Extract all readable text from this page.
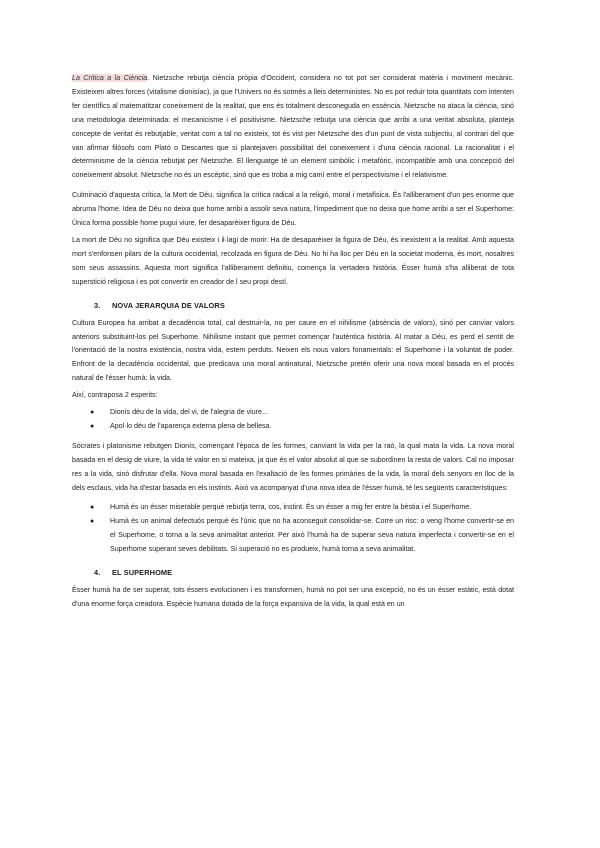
La Crítica a la Ciència. Nietzsche rebutja ciència pròpia d'Occident, considera no tot pot ser considerat matèria i moviment mecànic. Existeixen altres forces (vitalisme dionisíac), ja que l'Univers no és sotmès a lleis deterministes. No es pot reduir tota quantitats com intenten fer científics al matematitzar coneixement de la realitat, que ens és totalment desconeguda en essència. Nietzsche no ataca la ciència, sinó una metodologia determinada: el mecanicisme i el positivisme. Nietzsche rebutja una ciència que arribi a una veritat absoluta, planteja concepte de veritat és rebutjable, veritat com a tal no existeix, tot és vist per Nietzsche des d'un punt de vista subjectiu, al contrari del que van afirmar filòsofs com Plató o Descartes que si plantejaven possibilitat del coneixement i d'una ciència racional. La racionalitat i el determinisme de la ciència rebutjat per Nietzsche. El llenguatge té un element simbòlic i metafòric, incompatible amb una concepció del coneixement absolut. Nietzsche no és un escèptic, sinó que es troba a mig camí entre el perspectivisme i el relativisme.

Culminació d'aquesta crítica, la Mort de Déu, significa la crítica radical a la religió, moral i metafísica. És l'alliberament d'un pes enorme que abruma l'home. Idea de Déu no deixa que home arribi a assolir seva natura, l'impediment que no deixa que home arribi a ser el Superhome: Única forma possible home pugui viure, fer desaparèixer figura de Déu.

La mort de Déu no significa que Déu existeix i il·lagi de morir. Ha de desaparèixer la figura de Déu, és inexistent a la realitat. Amb aquesta mort s'enfonsen pilars de la cultura occidental, recolzada en figura de Déu. No hi ha lloc per Déu en la societat moderna, és mort, nosaltres som seus assassins. Aquesta mort significa l'alliberament definitiu, comença la vertadera història. Ésser humà s'ha alliberat de tota superstició religiosa i es pot convertir en creador de l seu propi destí.

3. NOVA JERARQUIA DE VALORS

Cultura Europea ha arribat a decadència total, cal destruir-la, no per caure en el nihilisme (absència de valors), sinó per canviar valors anteriors substituint-los pel Superhome. Nihilisme instant que permet començar l'autèntica història. Al matar a Déu, es perd el sentit de l'orientació de la nostra existència, nostra vida, estem perduts. Neixen els nous valors fonamentals: el Superhome i la voluntat de poder. Enfront de la decadència occidental, que predicava una moral antinatural, Nietzsche pretén oferir una nova moral basada en el procés natural de l'ésser humà: la vida.

Així, contraposa 2 esperits:

● Dionís déu de la vida, del vi, de l'alegria de viure...
● Apol·lo déu de l'aparença externa plena de bellesa.

Sòcrates i platonisme rebutgen Dionís, començant l'època de les formes, canviant la vida per la raó, la qual mata la vida. La nova moral basada en el desig de viure, la vida té valor en si mateixa, ja que és el valor absolut al que se subordinen la resta de valors. Cal no imposar res a la vida, sinó disfrutar d'ella. Nova moral basada en l'exaltació de les formes primàries de la vida, la moral dels senyors en lloc de la dels esclaus, vida ha d'estar basada en els instints. Això va acompanyat d'una nova idea de l'ésser humà, té les següents característiques:

● Humà és un ésser miserable perquè rebutja terra, cos, instint. És un ésser a mig fer entre la bèstia i el Superhome.
● Humà és un animal defectuós perquè és l'únic que no ha aconseguit consolidar-se. Corre un risc: o veng l'home convertir-se en el Superhome, o torna a la seva animalitat anterior. Per això l'humà ha de superar seva natura imperfecta i convertir-se en el Superhome superant seves debilitats. Si superació no es produeix, humà torna a seva animalitat.
4. EL SUPERHOME

Ésser humà ha de ser superat, tots éssers evolucionen i es transformen, humà no pot ser una excepció, no és un ésser estàtic, està dotat d'una enorme força creadora. Espècie humana dotada de la força expansiva de la vida, la qual està en un
